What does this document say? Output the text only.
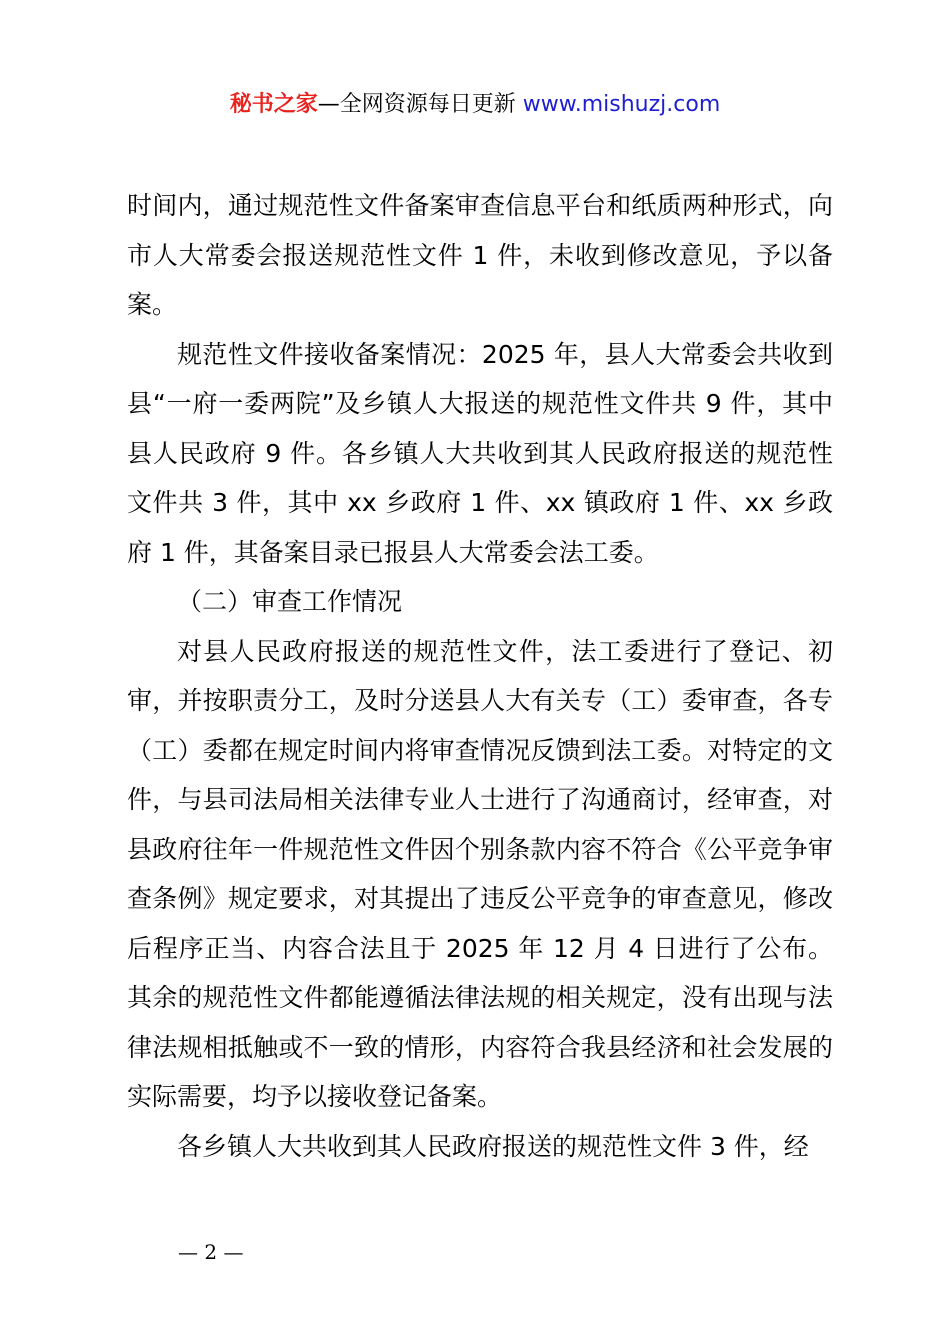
秘书之家—全网资源每日更新 www.mishuzj.com

时间内，通过规范性文件备案审查信息平台和纸质两种形式，向市人大常委会报送规范性文件 1 件，未收到修改意见，予以备案。

规范性文件接收备案情况：2025 年，县人大常委会共收到县“一府一委两院”及乡镇人大报送的规范性文件共 9 件，其中县人民政府 9 件。各乡镇人大共收到其人民政府报送的规范性文件共 3 件，其中 xx 乡政府 1 件、xx 镇政府 1 件、xx 乡政府 1 件，其备案目录已报县人大常委会法工委。

（二）审查工作情况

对县人民政府报送的规范性文件，法工委进行了登记、初审，并按职责分工，及时分送县人大有关专（工）委审查，各专（工）委都在规定时间内将审查情况反馈到法工委。对特定的文件，与县司法局相关法律专业人士进行了沟通商讨，经审查，对县政府往年一件规范性文件因个别条款内容不符合《公平竞争审查条例》规定要求，对其提出了违反公平竞争的审查意见，修改后程序正当、内容合法且于 2025 年 12 月 4 日进行了公布。其余的规范性文件都能遵循法律法规的相关规定，没有出现与法律法规相抵触或不一致的情形，内容符合我县经济和社会发展的实际需要，均予以接收登记备案。

各乡镇人大共收到其人民政府报送的规范性文件 3 件，经

— 2 —
